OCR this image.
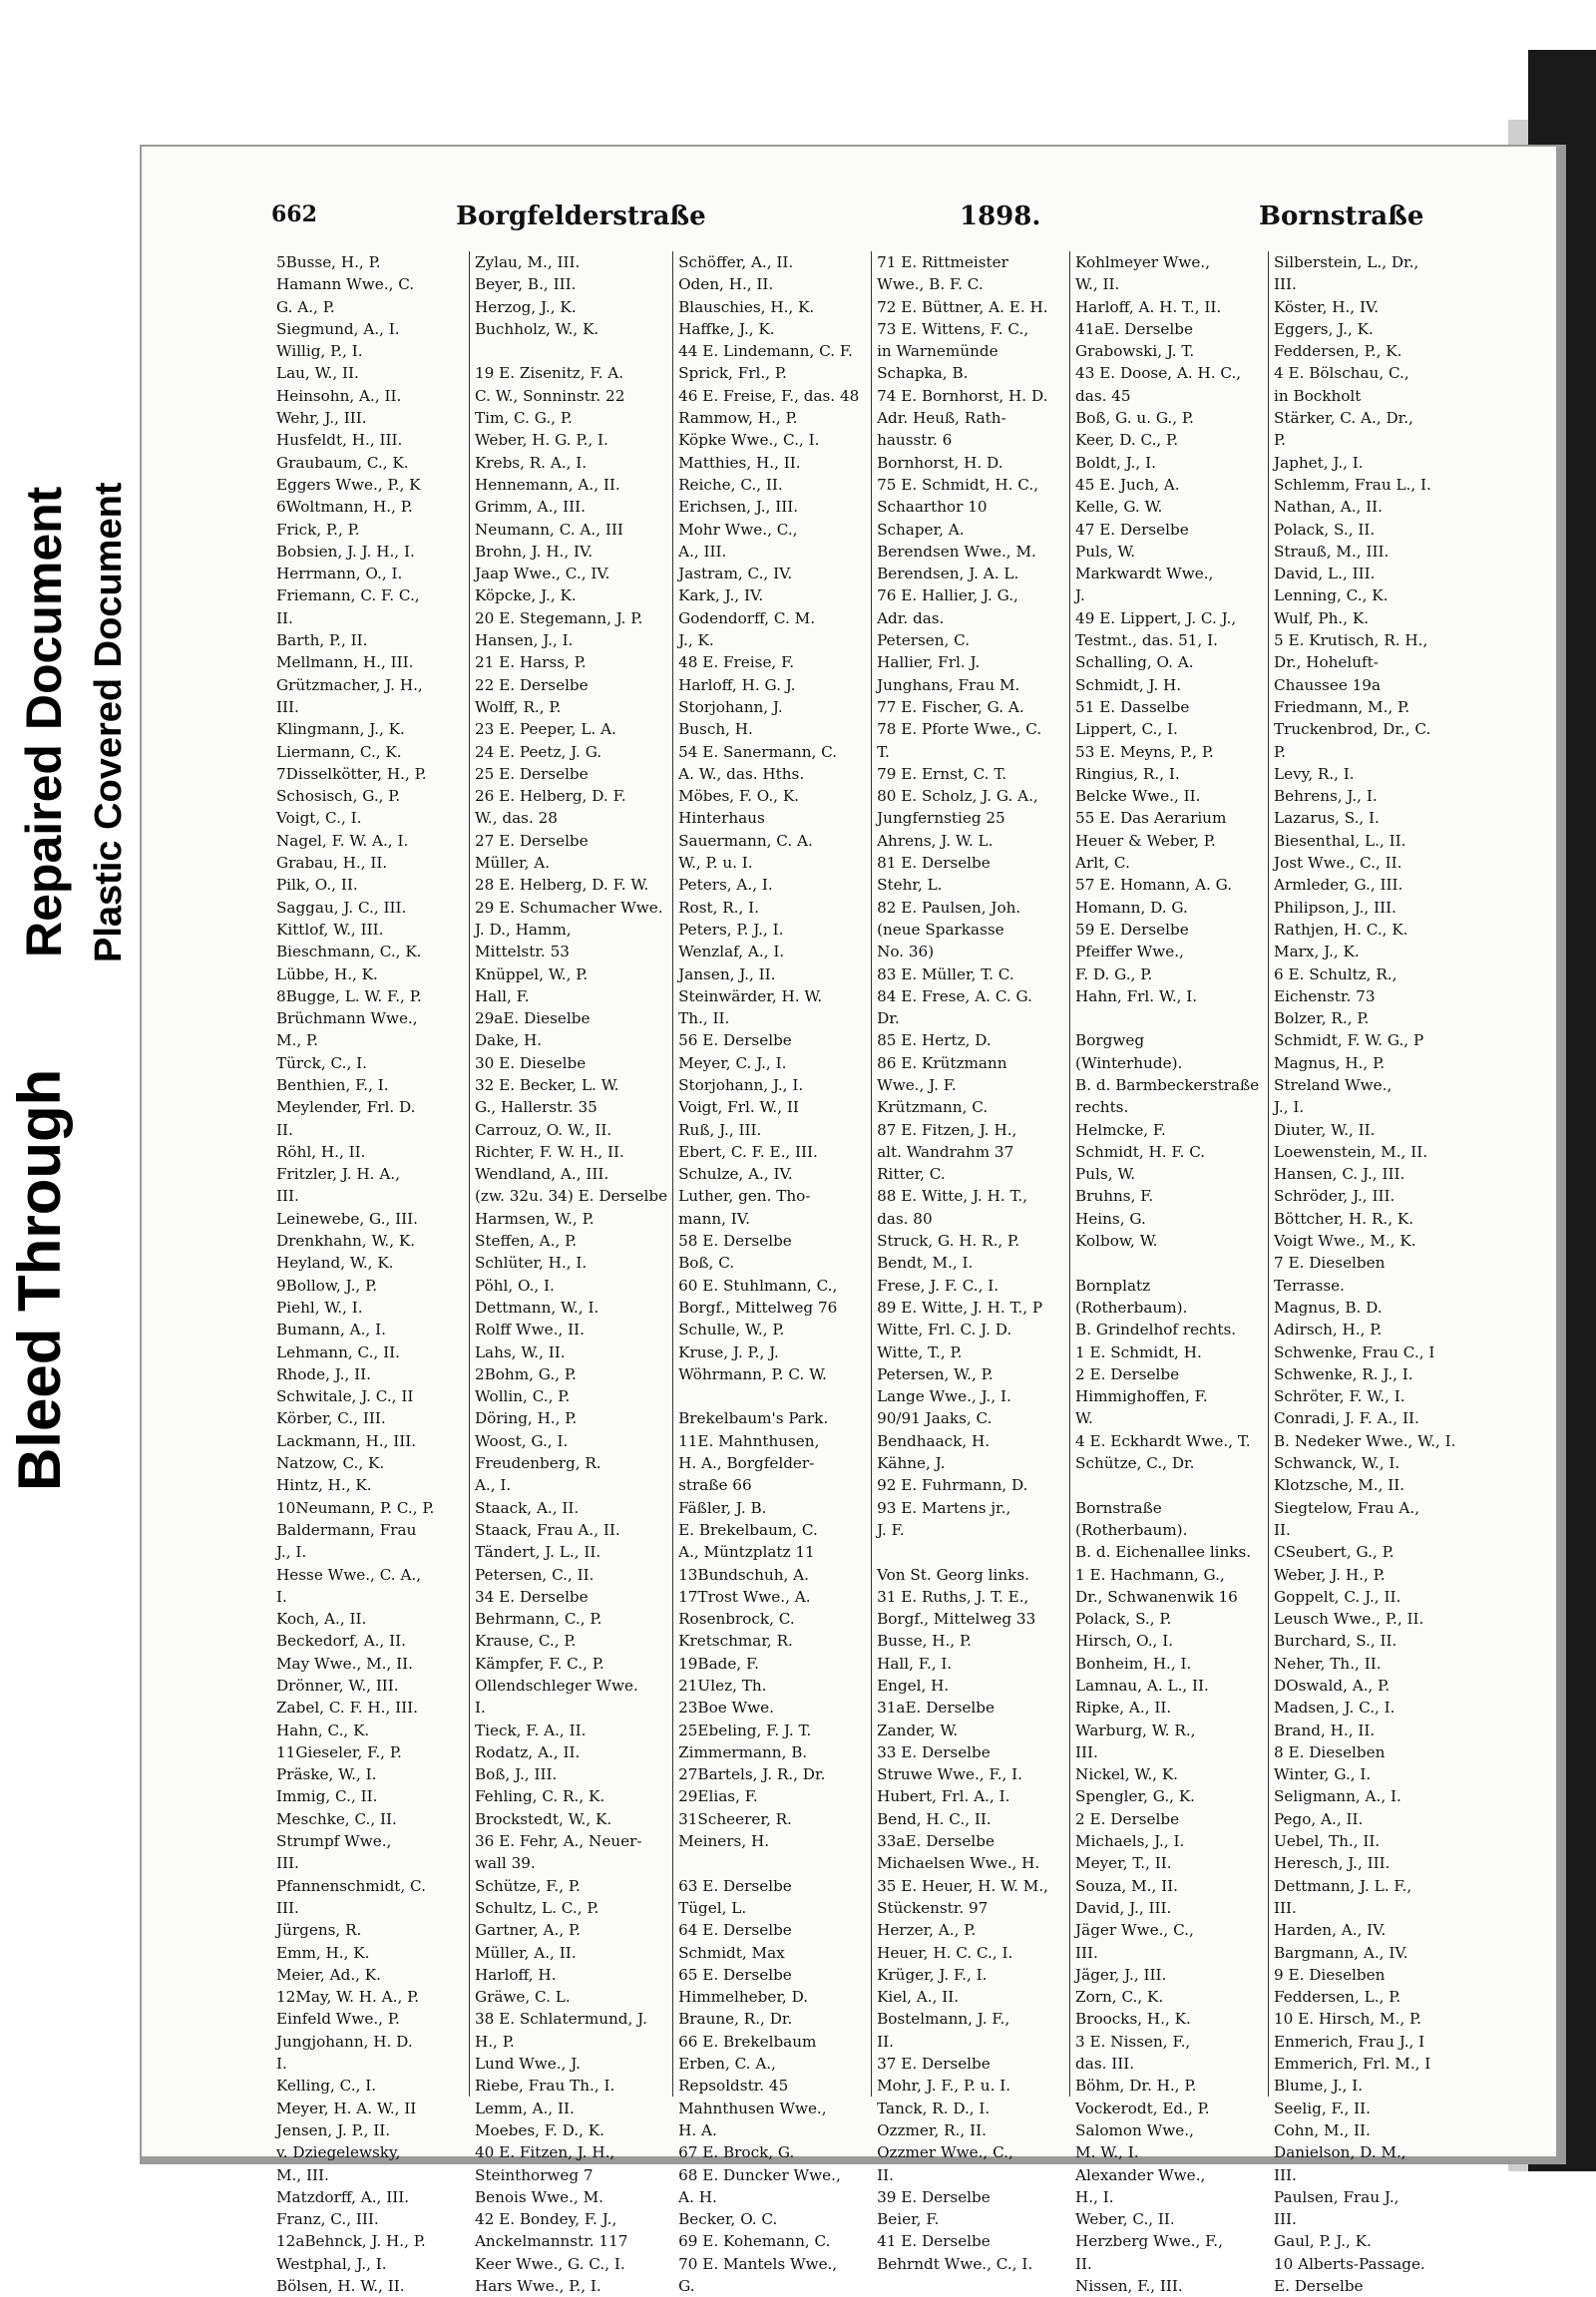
Bleed Through
Repaired Document Plastic Covered Document
662	Borgfelderstraße	1898.	Bornstraße
5Busse, H., P.
Hamann Wwe., C.
G. A., P.
Siegmund, A., I.
Willig, P., I.
Lau, W., II.
Heinsohn, A., II.
Wehr, J., III.
Husfeldt, H., III.
Graubaum, C., K.
Eggers Wwe., P., K
6Woltmann, H., P.
Frick, P., P.
Bobsien, J. J. H., I.
Herrmann, O., I.
Friemann, C. F. C.,
II.
Barth, P., II.
Mellmann, H., III.
Grützmacher, J. H.,
III.
Klingmann, J., K.
Liermann, C., K.
7Disselkötter, H., P.
Schosisch, G., P.
Voigt, C., I.
Nagel, F. W. A., I.
Grabau, H., II.
Pilk, O., II.
Saggau, J. C., III.
Kittlof, W., III.
Bieschmann, C., K.
Lübbe, H., K.
8Bugge, L. W. F., P.
Brüchmann Wwe.,
M., P.
Türck, C., I.
Benthien, F., I.
Meylender, Frl. D.
II.
Röhl, H., II.
Fritzler, J. H. A.,
III.
Leinewebe, G., III.
Drenkhahn, W., K.
Heyland, W., K.
9Bollow, J., P.
Piehl, W., I.
Bumann, A., I.
Lehmann, C., II.
Rhode, J., II.
Schwitale, J. C., II
Körber, C., III.
Lackmann, H., III.
Natzow, C., K.
Hintz, H., K.
10Neumann, P. C., P.
Baldermann, Frau
J., I.
Hesse Wwe., C. A.,
I.
Koch, A., II.
Beckedorf, A., II.
May Wwe., M., II.
Drönner, W., III.
Zabel, C. F. H., III.
Hahn, C., K.
11Gieseler, F., P.
Präske, W., I.
Immig, C., II.
Meschke, C., II.
Strumpf Wwe.,
III.
Pfannenschmidt, C.
III.
Jürgens, R.
Emm, H., K.
Meier, Ad., K.
12May, W. H. A., P.
Einfeld Wwe., P.
Jungjohann, H. D.
I.
Kelling, C., I.
Meyer, H. A. W., II
Jensen, J. P., II.
v. Dziegelewsky,
M., III.
Matzdorff, A., III.
Franz, C., III.
12aBehnck, J. H., P.
Westphal, J., I.
Bölsen, H. W., II.
Zylau, M., III.
Beyer, B., III.
Herzog, J., K.
Buchholz, W., K.

19 E. Zisenitz, F. A.
C. W., Sonninstr. 22
Tim, C. G., P.
Weber, H. G. P., I.
Krebs, R. A., I.
Hennemann, A., II.
Grimm, A., III.
Neumann, C. A., III
Brohn, J. H., IV.
Jaap Wwe., C., IV.
Köpcke, J., K.
20 E. Stegemann, J. P.
Hansen, J., I.
21 E. Harss, P.
22 E. Derselbe
Wolff, R., P.
23 E. Peeper, L. A.
24 E. Peetz, J. G.
25 E. Derselbe
26 E. Helberg, D. F.
W., das. 28
27 E. Derselbe
Müller, A.
28 E. Helberg, D. F. W.
29 E. Schumacher Wwe.
J. D., Hamm,
Mittelstr. 53
Knüppel, W., P.
Hall, F.
29aE. Dieselbe
Dake, H.
30 E. Dieselbe
32 E. Becker, L. W.
G., Hallerstr. 35
Carrouz, O. W., II.
Richter, F. W. H., II.
Wendland, A., III.
(zw. 32u. 34) E. Derselbe
Harmsen, W., P.
Steffen, A., P.
Schlüter, H., I.
Pöhl, O., I.
Dettmann, W., I.
Rolff Wwe., II.
Lahs, W., II.
2Bohm, G., P.
Wollin, C., P.
Döring, H., P.
Woost, G., I.
Freudenberg, R.
A., I.
Staack, A., II.
Staack, Frau A., II.
Tändert, J. L., II.
Petersen, C., II.
34 E. Derselbe
Behrmann, C., P.
Krause, C., P.
Kämpfer, F. C., P.
Ollendschleger Wwe.
I.
Tieck, F. A., II.
Rodatz, A., II.
Boß, J., III.
Fehling, C. R., K.
Brockstedt, W., K.
36 E. Fehr, A., Neuer-
wall 39.
Schütze, F., P.
Schultz, L. C., P.
Gartner, A., P.
Müller, A., II.
Harloff, H.
Gräwe, C. L.
38 E. Schlatermund, J.
H., P.
Lund Wwe., J.
Riebe, Frau Th., I.
Lemm, A., II.
Moebes, F. D., K.
40 E. Fitzen, J. H.,
Steinthorweg 7
Benois Wwe., M.
42 E. Bondey, F. J.,
Anckelmannstr. 117
Keer Wwe., G. C., I.
Hars Wwe., P., I.
Schöffer, A., II.
Oden, H., II.
Blauschies, H., K.
Haffke, J., K.
44 E. Lindemann, C. F.
Sprick, Frl., P.
46 E. Freise, F., das. 48
Rammow, H., P.
Köpke Wwe., C., I.
Matthies, H., II.
Reiche, C., II.
Erichsen, J., III.
Mohr Wwe., C.,
A., III.
Jastram, C., IV.
Kark, J., IV.
Godendorff, C. M.
J., K.
48 E. Freise, F.
Harloff, H. G. J.
Storjohann, J.
Busch, H.
54 E. Sanermann, C.
A. W., das. Hths.
Möbes, F. O., K.
Hinterhaus
Sauermann, C. A.
W., P. u. I.
Peters, A., I.
Rost, R., I.
Peters, P. J., I.
Wenzlaf, A., I.
Jansen, J., II.
Steinwärder, H. W.
Th., II.
56 E. Derselbe
Meyer, C. J., I.
Storjohann, J., I.
Voigt, Frl. W., II
Ruß, J., III.
Ebert, C. F. E., III.
Schulze, A., IV.
Luther, gen. Tho-
mann, IV.
58 E. Derselbe
Boß, C.
60 E. Stuhlmann, C.,
Borgf., Mittelweg 76
Schulle, W., P.
Kruse, J. P., J.
Wöhrmann, P. C. W.

Brekelbaum's Park.
11E. Mahnthusen,
H. A., Borgfelder-
straße 66
Fäßler, J. B.
E. Brekelbaum, C.
A., Müntzplatz 11
13Bundschuh, A.
17Trost Wwe., A.
Rosenbrock, C.
Kretschmar, R.
19Bade, F.
21Ulez, Th.
23Boe Wwe.
25Ebeling, F. J. T.
Zimmermann, B.
27Bartels, J. R., Dr.
29Elias, F.
31Scheerer, R.
Meiners, H.

63 E. Derselbe
Tügel, L.
64 E. Derselbe
Schmidt, Max
65 E. Derselbe
Himmelheber, D.
Braune, R., Dr.
66 E. Brekelbaum
Erben, C. A.,
Repsoldstr. 45
Mahnthusen Wwe.,
H. A.
67 E. Brock, G.
68 E. Duncker Wwe.,
A. H.
Becker, O. C.
69 E. Kohemann, C.
70 E. Mantels Wwe.,
G.
71 E. Rittmeister
Wwe., B. F. C.
72 E. Büttner, A. E. H.
73 E. Wittens, F. C.,
in Warnemünde
Schapka, B.
74 E. Bornhorst, H. D.
Adr. Heuß, Rath-
hausstr. 6
Bornhorst, H. D.
75 E. Schmidt, H. C.,
Schaarthor 10
Schaper, A.
Berendsen Wwe., M.
Berendsen, J. A. L.
76 E. Hallier, J. G.,
Adr. das.
Petersen, C.
Hallier, Frl. J.
Junghans, Frau M.
77 E. Fischer, G. A.
78 E. Pforte Wwe., C.
T.
79 E. Ernst, C. T.
80 E. Scholz, J. G. A.,
Jungfernstieg 25
Ahrens, J. W. L.
81 E. Derselbe
Stehr, L.
82 E. Paulsen, Joh.
(neue Sparkasse
No. 36)
83 E. Müller, T. C.
84 E. Frese, A. C. G.
Dr.
85 E. Hertz, D.
86 E. Krützmann
Wwe., J. F.
Krützmann, C.
87 E. Fitzen, J. H.,
alt. Wandrahm 37
Ritter, C.
88 E. Witte, J. H. T.,
das. 80
Struck, G. H. R., P.
Bendt, M., I.
Frese, J. F. C., I.
89 E. Witte, J. H. T., P
Witte, Frl. C. J. D.
Witte, T., P.
Petersen, W., P.
Lange Wwe., J., I.
90/91 Jaaks, C.
Bendhaack, H.
Kähne, J.
92 E. Fuhrmann, D.
93 E. Martens jr.,
J. F.

Von St. Georg links.
31 E. Ruths, J. T. E.,
Borgf., Mittelweg 33
Busse, H., P.
Hall, F., I.
Engel, H.
31aE. Derselbe
Zander, W.
33 E. Derselbe
Struwe Wwe., F., I.
Hubert, Frl. A., I.
Bend, H. C., II.
33aE. Derselbe
Michaelsen Wwe., H.
35 E. Heuer, H. W. M.,
Stückenstr. 97
Herzer, A., P.
Heuer, H. C. C., I.
Krüger, J. F., I.
Kiel, A., II.
Bostelmann, J. F.,
II.
37 E. Derselbe
Mohr, J. F., P. u. I.
Tanck, R. D., I.
Ozzmer, R., II.
Ozzmer Wwe., C.,
II.
39 E. Derselbe
Beier, F.
41 E. Derselbe
Behrndt Wwe., C., I.
Kohlmeyer Wwe.,
W., II.
Harloff, A. H. T., II.
41aE. Derselbe
Grabowski, J. T.
43 E. Doose, A. H. C.,
das. 45
Boß, G. u. G., P.
Keer, D. C., P.
Boldt, J., I.
45 E. Juch, A.
Kelle, G. W.
47 E. Derselbe
Puls, W.
Markwardt Wwe.,
J.
49 E. Lippert, J. C. J.,
Testmt., das. 51, I.
Schalling, O. A.
Schmidt, J. H.
51 E. Dasselbe
Lippert, C., I.
53 E. Meyns, P., P.
Ringius, R., I.
Belcke Wwe., II.
55 E. Das Aerarium
Heuer & Weber, P.
Arlt, C.
57 E. Homann, A. G.
Homann, D. G.
59 E. Derselbe
Pfeiffer Wwe.,
F. D. G., P.
Hahn, Frl. W., I.

Borgweg
(Winterhude).
B. d. Barmbeckerstraße
rechts.
Helmcke, F.
Schmidt, H. F. C.
Puls, W.
Bruhns, F.
Heins, G.
Kolbow, W.

Bornplatz
(Rotherbaum).
B. Grindelhof rechts.
1 E. Schmidt, H.
2 E. Derselbe
Himmighoffen, F.
W.
4 E. Eckhardt Wwe., T.
Schütze, C., Dr.

Bornstraße
(Rotherbaum).
B. d. Eichenallee links.
1 E. Hachmann, G.,
Dr., Schwanenwik 16
Polack, S., P.
Hirsch, O., I.
Bonheim, H., I.
Lamnau, A. L., II.
Ripke, A., II.
Warburg, W. R.,
III.
Nickel, W., K.
Spengler, G., K.
2 E. Derselbe
Michaels, J., I.
Meyer, T., II.
Souza, M., II.
David, J., III.
Jäger Wwe., C.,
III.
Jäger, J., III.
Zorn, C., K.
Broocks, H., K.
3 E. Nissen, F.,
das. III.
Böhm, Dr. H., P.
Vockerodt, Ed., P.
Salomon Wwe.,
M. W., I.
Alexander Wwe.,
H., I.
Weber, C., II.
Herzberg Wwe., F.,
II.
Nissen, F., III.
Silberstein, L., Dr.,
III.
Köster, H., IV.
Eggers, J., K.
Feddersen, P., K.
4 E. Bölschau, C.,
in Bockholt
Stärker, C. A., Dr.,
P.
Japhet, J., I.
Schlemm, Frau L., I.
Nathan, A., II.
Polack, S., II.
Strauß, M., III.
David, L., III.
Lenning, C., K.
Wulf, Ph., K.
5 E. Krutisch, R. H.,
Dr., Hoheluft-
Chaussee 19a
Friedmann, M., P.
Truckenbrod, Dr., C.
P.
Levy, R., I.
Behrens, J., I.
Lazarus, S., I.
Biesenthal, L., II.
Jost Wwe., C., II.
Armleder, G., III.
Philipson, J., III.
Rathjen, H. C., K.
Marx, J., K.
6 E. Schultz, R.,
Eichenstr. 73
Bolzer, R., P.
Schmidt, F. W. G., P
Magnus, H., P.
Streland Wwe.,
J., I.
Diuter, W., II.
Loewenstein, M., II.
Hansen, C. J., III.
Schröder, J., III.
Böttcher, H. R., K.
Voigt Wwe., M., K.
7 E. Dieselben
Terrasse.
Magnus, B. D.
Adirsch, H., P.
Schwenke, Frau C., I
Schwenke, R. J., I.
Schröter, F. W., I.
Conradi, J. F. A., II.
B. Nedeker Wwe., W., I.
Schwanck, W., I.
Klotzsche, M., II.
Siegtelow, Frau A.,
II.
CSeubert, G., P.
Weber, J. H., P.
Goppelt, C. J., II.
Leusch Wwe., P., II.
Burchard, S., II.
Neher, Th., II.
DOswald, A., P.
Madsen, J. C., I.
Brand, H., II.
8 E. Dieselben
Winter, G., I.
Seligmann, A., I.
Pego, A., II.
Uebel, Th., II.
Heresch, J., III.
Dettmann, J. L. F.,
III.
Harden, A., IV.
Bargmann, A., IV.
9 E. Dieselben
Feddersen, L., P.
10 E. Hirsch, M., P.
Enmerich, Frau J., I
Emmerich, Frl. M., I
Blume, J., I.
Seelig, F., II.
Cohn, M., II.
Danielson, D. M.,
III.
Paulsen, Frau J.,
III.
Gaul, P. J., K.
10 Alberts-Passage.
E. Derselbe
